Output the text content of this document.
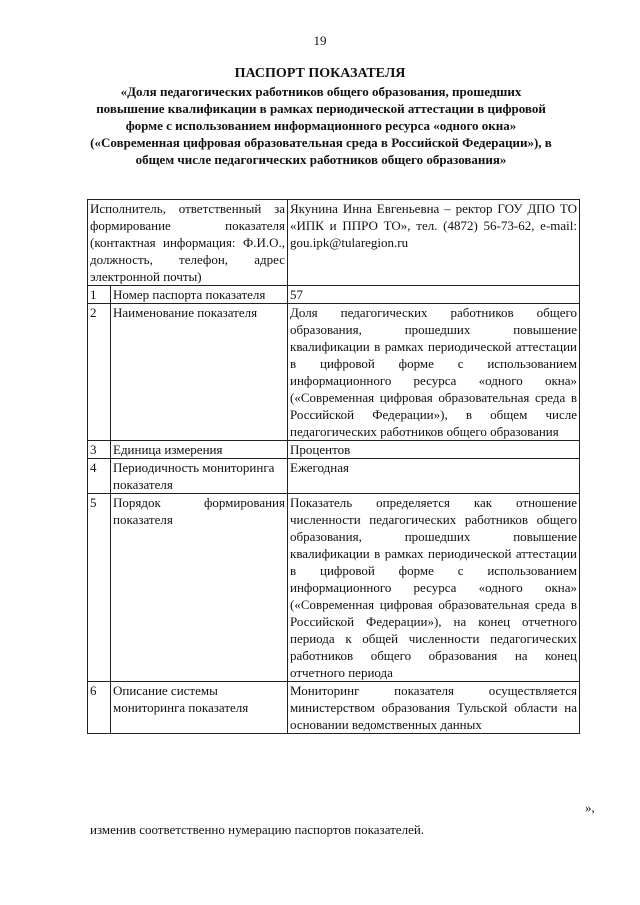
19
ПАСПОРТ ПОКАЗАТЕЛЯ
«Доля педагогических работников общего образования, прошедших повышение квалификации в рамках периодической аттестации в цифровой форме с использованием информационного ресурса «одного окна» («Современная цифровая образовательная среда в Российской Федерации»), в общем числе педагогических работников общего образования»
Исполнитель, ответственный за формирование показателя (контактная информация: Ф.И.О., должность, телефон, адрес электронной почты)		Якунина Инна Евгеньевна – ректор ГОУ ДПО ТО «ИПК и ППРО ТО», тел. (4872) 56-73-62, e-mail: gou.ipk@tularegion.ru
1	Номер паспорта показателя	57
2	Наименование показателя	Доля педагогических работников общего образования, прошедших повышение квалификации в рамках периодической аттестации в цифровой форме с использованием информационного ресурса «одного окна» («Современная цифровая образовательная среда в Российской Федерации»), в общем числе педагогических работников общего образования
3	Единица измерения	Процентов
4	Периодичность мониторинга показателя	Ежегодная
5	Порядок формирования показателя	Показатель определяется как отношение численности педагогических работников общего образования, прошедших повышение квалификации в рамках периодической аттестации в цифровой форме с использованием информационного ресурса «одного окна» («Современная цифровая образовательная среда в Российской Федерации»), на конец отчетного периода к общей численности педагогических работников общего образования на конец отчетного периода
6	Описание системы мониторинга показателя	Мониторинг показателя осуществляется министерством образования Тульской области на основании ведомственных данных
»,
изменив соответственно нумерацию паспортов показателей.
